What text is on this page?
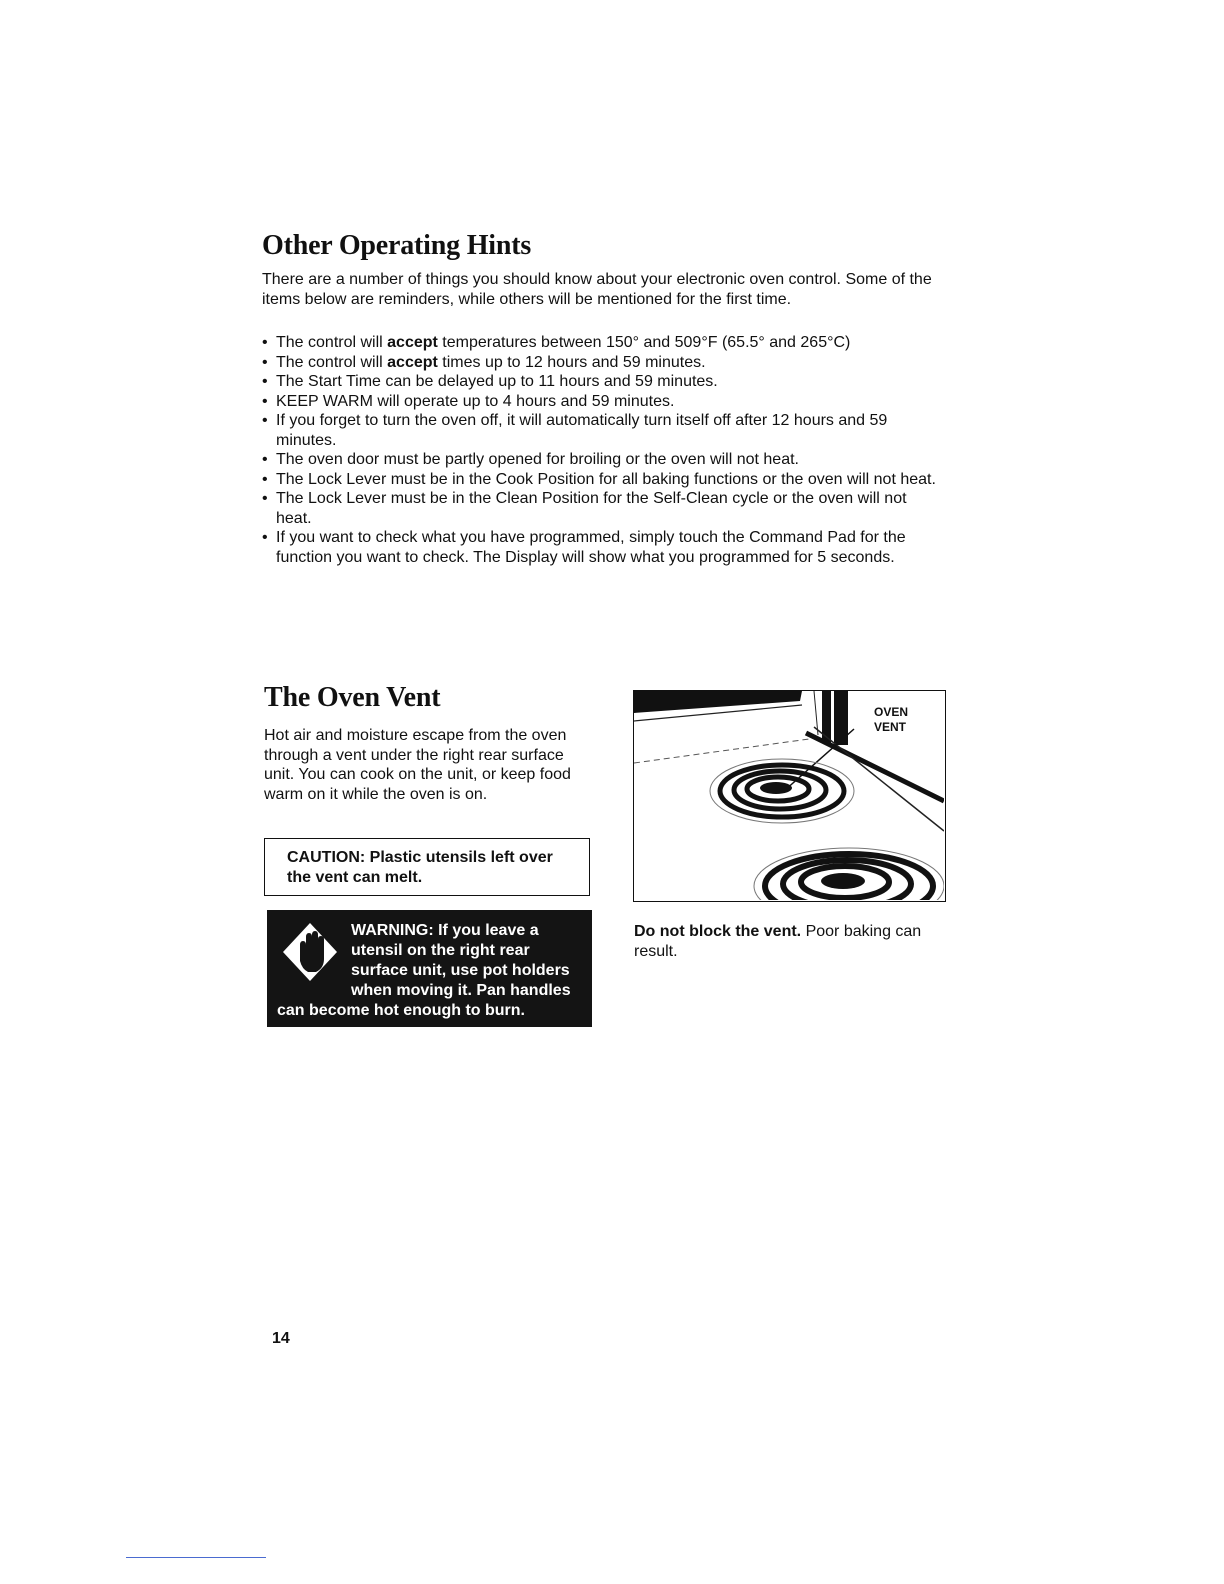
Other Operating Hints

There are a number of things you should know about your electronic oven control. Some of the items below are reminders, while others will be mentioned for the first time.

• The control will accept temperatures between 150° and 509°F (65.5° and 265°C)
• The control will accept times up to 12 hours and 59 minutes.
• The Start Time can be delayed up to 11 hours and 59 minutes.
• KEEP WARM will operate up to 4 hours and 59 minutes.
• If you forget to turn the oven off, it will automatically turn itself off after 12 hours and 59 minutes.
• The oven door must be partly opened for broiling or the oven will not heat.
• The Lock Lever must be in the Cook Position for all baking functions or the oven will not heat.
• The Lock Lever must be in the Clean Position for the Self-Clean cycle or the oven will not heat.
• If you want to check what you have programmed, simply touch the Command Pad for the function you want to check. The Display will show what you programmed for 5 seconds.
The Oven Vent

Hot air and moisture escape from the oven through a vent under the right rear surface unit. You can cook on the unit, or keep food warm on it while the oven is on.

CAUTION: Plastic utensils left over the vent can melt.
WARNING: If you leave a utensil on the right rear surface unit, use pot holders when moving it. Pan handles can become hot enough to burn.
OVEN
VENT

Do not block the vent. Poor baking can result.

14
